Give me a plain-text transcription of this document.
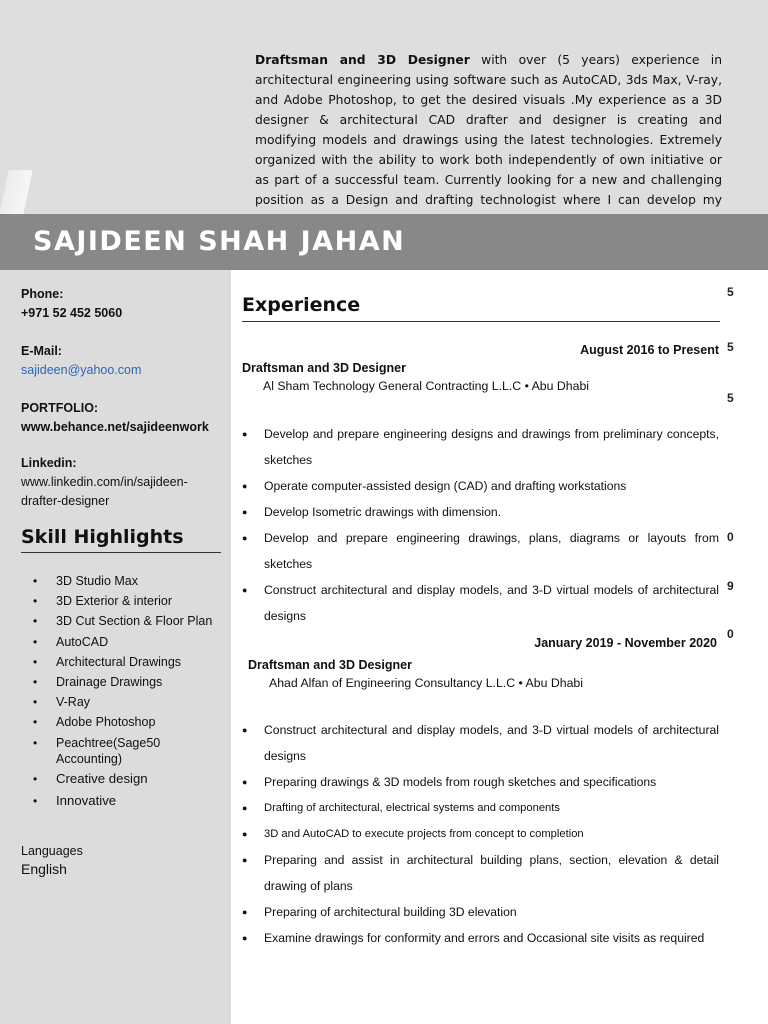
Draftsman and 3D Designer with over (5 years) experience in architectural engineering using software such as AutoCAD, 3ds Max, V-ray, and Adobe Photoshop, to get the desired visuals .My experience as a 3D designer & architectural CAD drafter and designer is creating and modifying models and drawings using the latest technologies. Extremely organized with the ability to work both independently of own initiative or as part of a successful team. Currently looking for a new and challenging position as a Design and drafting technologist where I can develop my
SAJIDEEN SHAH JAHAN
Phone:
+971 52 452 5060
E-Mail:
sajideen@yahoo.com
PORTFOLIO:
www.behance.net/sajideenwork
Linkedin:
www.linkedin.com/in/sajideen-
drafter-designer
Skill Highlights
• 3D Studio Max
• 3D Exterior & interior
• 3D Cut Section & Floor Plan
• AutoCAD
• Architectural Drawings
• Drainage Drawings
• V-Ray
• Adobe Photoshop
• Peachtree(Sage50 Accounting)
• Creative design
• Innovative
Languages
English
Experience
August 2016 to Present
Draftsman and 3D Designer
Al Sham Technology General Contracting L.L.C • Abu Dhabi
● Develop and prepare engineering designs and drawings from preliminary concepts, sketches
● Operate computer-assisted design (CAD) and drafting workstations
● Develop Isometric drawings with dimension.
● Develop and prepare engineering drawings, plans, diagrams or layouts from sketches
● Construct architectural and display models, and 3-D virtual models of architectural designs
January 2019 - November 2020
Draftsman and 3D Designer
Ahad Alfan of Engineering Consultancy L.L.C • Abu Dhabi
● Construct architectural and display models, and 3-D virtual models of architectural designs
● Preparing drawings & 3D models from rough sketches and specifications
● Drafting of architectural, electrical systems and components
● 3D and AutoCAD to execute projects from concept to completion
● Preparing and assist in architectural building plans, section, elevation & detail drawing of plans
● Preparing of architectural building 3D elevation
● Examine drawings for conformity and errors and Occasional site visits as required
5
5
5
0
9
0
